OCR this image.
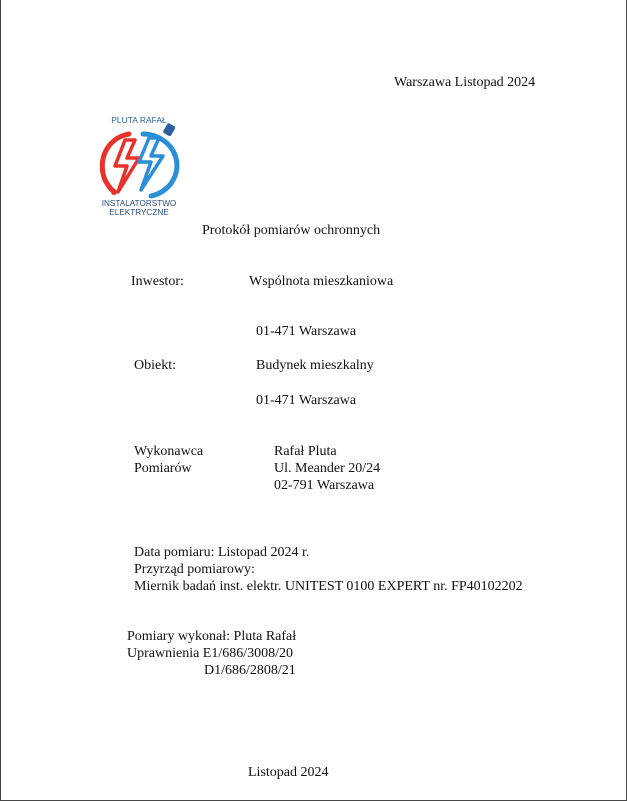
Warszawa Listopad 2024
PLUTA RAFAŁ
INSTALATORSTWO
ELEKTRYCZNE
Protokół pomiarów ochronnych
Inwestor:	Wspólnota mieszkaniowa
01-471 Warszawa
Obiekt:	Budynek mieszkalny
01-471 Warszawa
Wykonawca
Pomiarów
Rafał Pluta
Ul. Meander 20/24
02-791 Warszawa
Data pomiaru: Listopad 2024 r.
Przyrząd pomiarowy:
Miernik badań inst. elektr. UNITEST 0100 EXPERT nr. FP40102202
Pomiary wykonał: Pluta Rafał
Uprawnienia E1/686/3008/20
D1/686/2808/21
Listopad 2024
